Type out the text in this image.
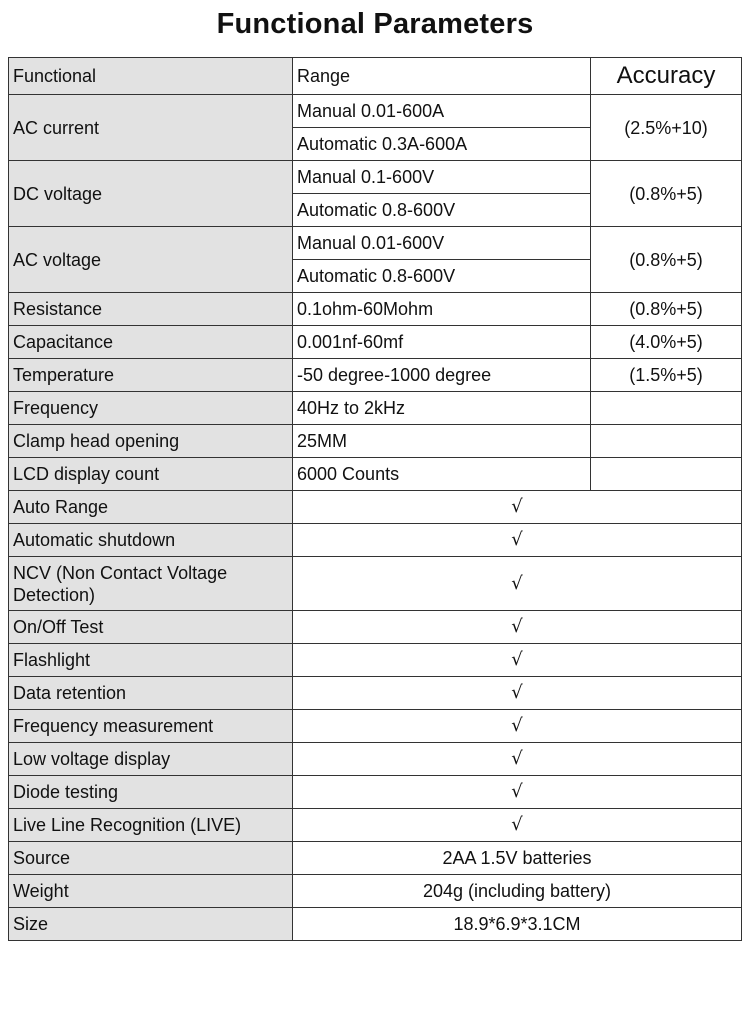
Functional Parameters
Functional	Range	Accuracy
AC current	Manual 0.01-600A	(2.5%+10)
	Automatic 0.3A-600A	
DC voltage	Manual 0.1-600V	(0.8%+5)
	Automatic 0.8-600V	
AC voltage	Manual 0.01-600V	(0.8%+5)
	Automatic 0.8-600V	
Resistance	0.1ohm-60Mohm	(0.8%+5)
Capacitance	0.001nf-60mf	(4.0%+5)
Temperature	-50 degree-1000 degree	(1.5%+5)
Frequency	40Hz to 2kHz	
Clamp head opening	25MM	
LCD display count	6000 Counts	
Auto Range	√	
Automatic shutdown	√	
NCV (Non Contact Voltage Detection)	√	
On/Off Test	√	
Flashlight	√	
Data retention	√	
Frequency measurement	√	
Low voltage display	√	
Diode testing	√	
Live Line Recognition (LIVE)	√	
Source	2AA 1.5V batteries	
Weight	204g (including battery)	
Size	18.9*6.9*3.1CM	
